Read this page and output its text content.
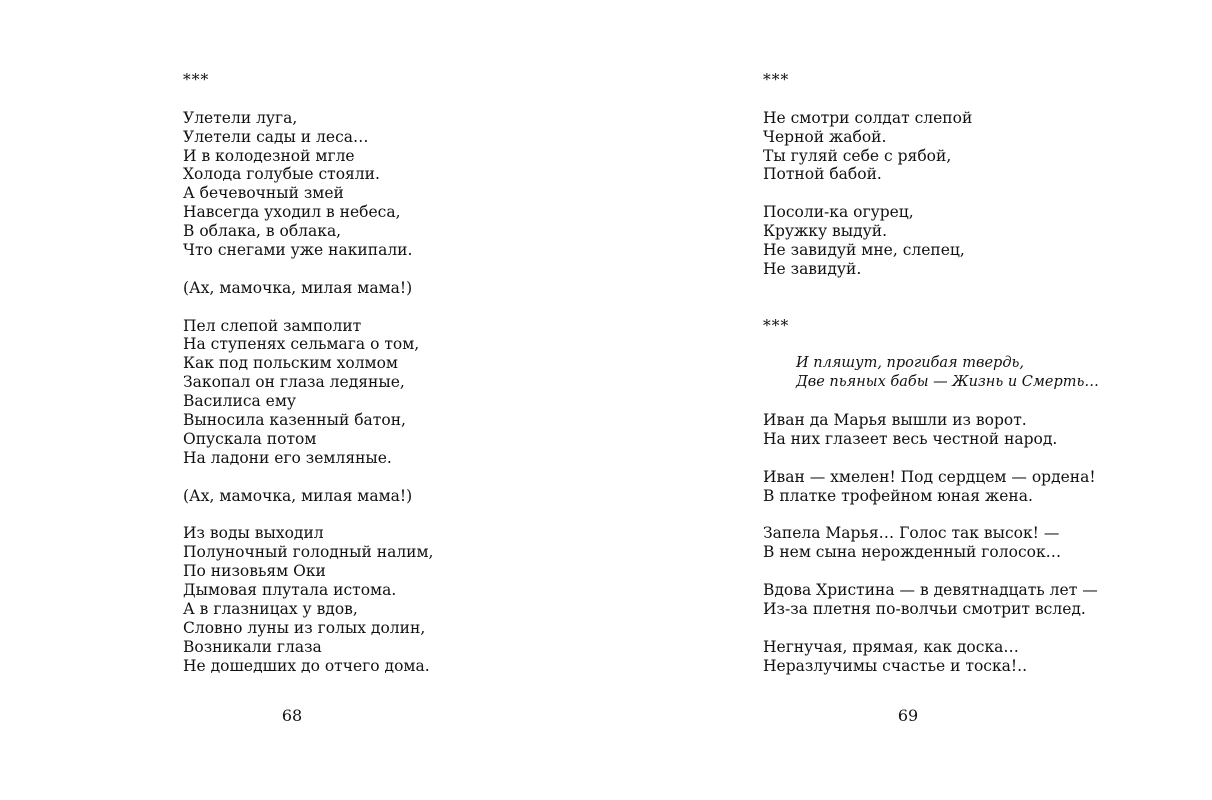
***
Улетели луга,
Улетели сады и леса…
И в колодезной мгле
Холода голубые стояли.
А бечевочный змей
Навсегда уходил в небеса,
В облака, в облака,
Что снегами уже накипали.
(Ах, мамочка, милая мама!)
Пел слепой замполит
На ступенях сельмага о том,
Как под польским холмом
Закопал он глаза ледяные,
Василиса ему
Выносила казенный батон,
Опускала потом
На ладони его земляные.
(Ах, мамочка, милая мама!)
Из воды выходил
Полуночный голодный налим,
По низовьям Оки
Дымовая плутала истома.
А в глазницах у вдов,
Словно луны из голых долин,
Возникали глаза
Не дошедших до отчего дома.
68
***
Не смотри солдат слепой
Черной жабой.
Ты гуляй себе с рябой,
Потной бабой.
Посоли-ка огурец,
Кружку выдуй.
Не завидуй мне, слепец,
Не завидуй.
***
И пляшут, прогибая твердь,
Две пьяных бабы — Жизнь и Смерть…
Иван да Марья вышли из ворот.
На них глазеет весь честной народ.
Иван — хмелен! Под сердцем — ордена!
В платке трофейном юная жена.
Запела Марья… Голос так высок! —
В нем сына нерожденный голосок…
Вдова Христина — в девятнадцать лет —
Из-за плетня по-волчьи смотрит вслед.
Негнучая, прямая, как доска…
Неразлучимы счастье и тоска!..
69
